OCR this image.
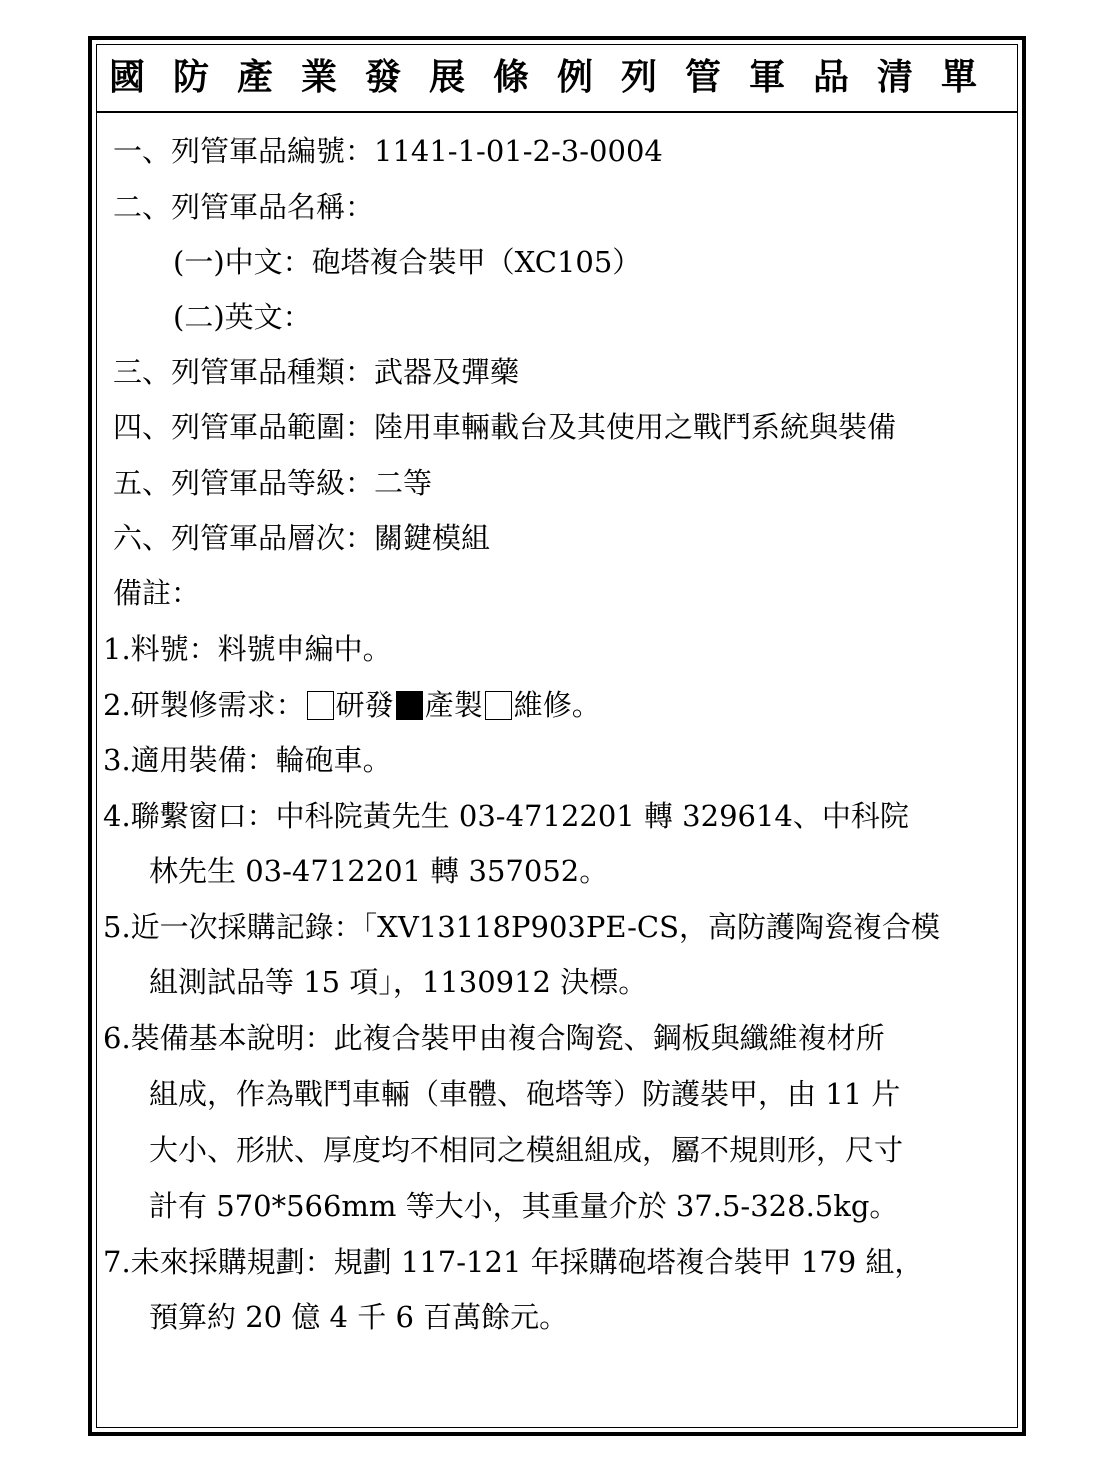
國防產業發展條例列管軍品清單
一、列管軍品編號：1141-1-01-2-3-0004
二、列管軍品名稱：
(一)中文：砲塔複合裝甲（XC105）
(二)英文：
三、列管軍品種類：武器及彈藥
四、列管軍品範圍：陸用車輛載台及其使用之戰鬥系統與裝備
五、列管軍品等級：二等
六、列管軍品層次：關鍵模組
備註：
1.料號：料號申編中。
2.研製修需求： 研發 產製 維修。
3.適用裝備：輪砲車。
4.聯繫窗口：中科院黃先生 03-4712201 轉 329614、中科院
林先生 03-4712201 轉 357052。
5.近一次採購記錄：「XV13118P903PE-CS，高防護陶瓷複合模
組測試品等 15 項」，1130912 決標。
6.裝備基本說明：此複合裝甲由複合陶瓷、鋼板與纖維複材所
組成，作為戰鬥車輛（車體、砲塔等）防護裝甲，由 11 片
大小、形狀、厚度均不相同之模組組成，屬不規則形，尺寸
計有 570*566mm 等大小，其重量介於 37.5-328.5kg。
7.未來採購規劃：規劃 117-121 年採購砲塔複合裝甲 179 組，
預算約 20 億 4 千 6 百萬餘元。
